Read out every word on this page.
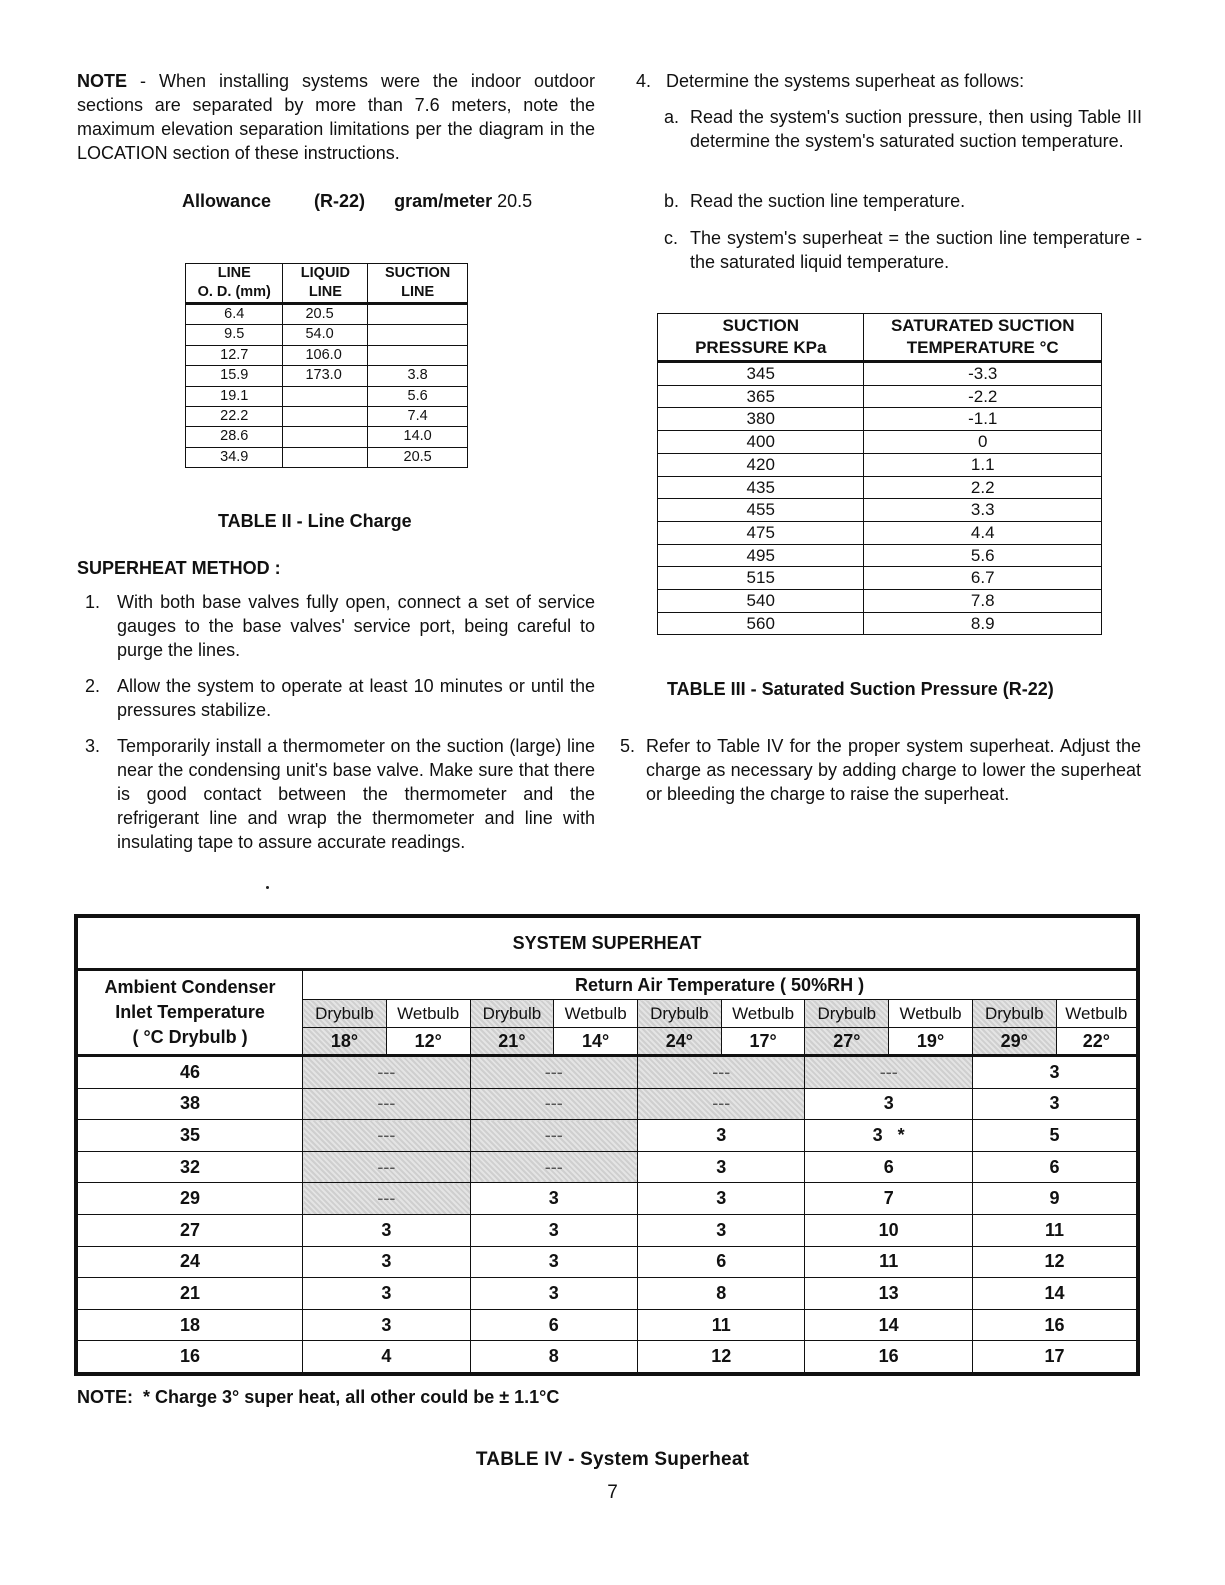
NOTE - When installing systems were the indoor outdoor sections are separated by more than 7.6 meters, note the maximum elevation separation limitations per the diagram in the LOCATION section of these instructions.
Allowance (R-22) gram/meter 20.5
LINE	LIQUID	SUCTION
O. D. (mm)	LINE	LINE
6.4	20.5	
9.5	54.0	
12.7	106.0	
15.9	173.0	3.8
19.1		5.6
22.2		7.4
28.6		14.0
34.9		20.5
TABLE II - Line Charge
SUPERHEAT METHOD :
1. With both base valves fully open, connect a set of service gauges to the base valves' service port, being careful to purge the lines.
2. Allow the system to operate at least 10 minutes or until the pressures stabilize.
3. Temporarily install a thermometer on the suction (large) line near the condensing unit's base valve. Make sure that there is good contact between the thermometer and the refrigerant line and wrap the thermometer and line with insulating tape to assure accurate readings.
4. Determine the systems superheat as follows:
a. Read the system's suction pressure, then using Table III determine the system's saturated suction temperature.
b. Read the suction line temperature.
c. The system's superheat = the suction line temperature - the saturated liquid temperature.
SUCTION
PRESSURE KPa	SATURATED SUCTION
TEMPERATURE °C
345	-3.3
365	-2.2
380	-1.1
400	0
420	1.1
435	2.2
455	3.3
475	4.4
495	5.6
515	6.7
540	7.8
560	8.9
TABLE III - Saturated Suction Pressure (R-22)
5. Refer to Table IV for the proper system superheat. Adjust the charge as necessary by adding charge to lower the superheat or bleeding the charge to raise the superheat.
SYSTEM SUPERHEAT										
Ambient Condenser
Inlet Temperature
( °C Drybulb )	Return Air Temperature ( 50%RH )									
	Drybulb	Wetbulb	Drybulb	Wetbulb	Drybulb	Wetbulb	Drybulb	Wetbulb	Drybulb	Wetbulb
	18°	12°	21°	14°	24°	17°	27°	19°	29°	22°
46	---		---		---		---		3	
38	---		---		---		3		3	
35	---		---		3		3   *		5	
32	---		---		3		6		6	
29	---		3		3		7		9	
27	3		3		3		10		11	
24	3		3		6		11		12	
21	3		3		8		13		14	
18	3		6		11		14		16	
16	4		8		12		16		17	
NOTE:  * Charge 3° super heat, all other could be ± 1.1°C
TABLE IV - System Superheat
7
